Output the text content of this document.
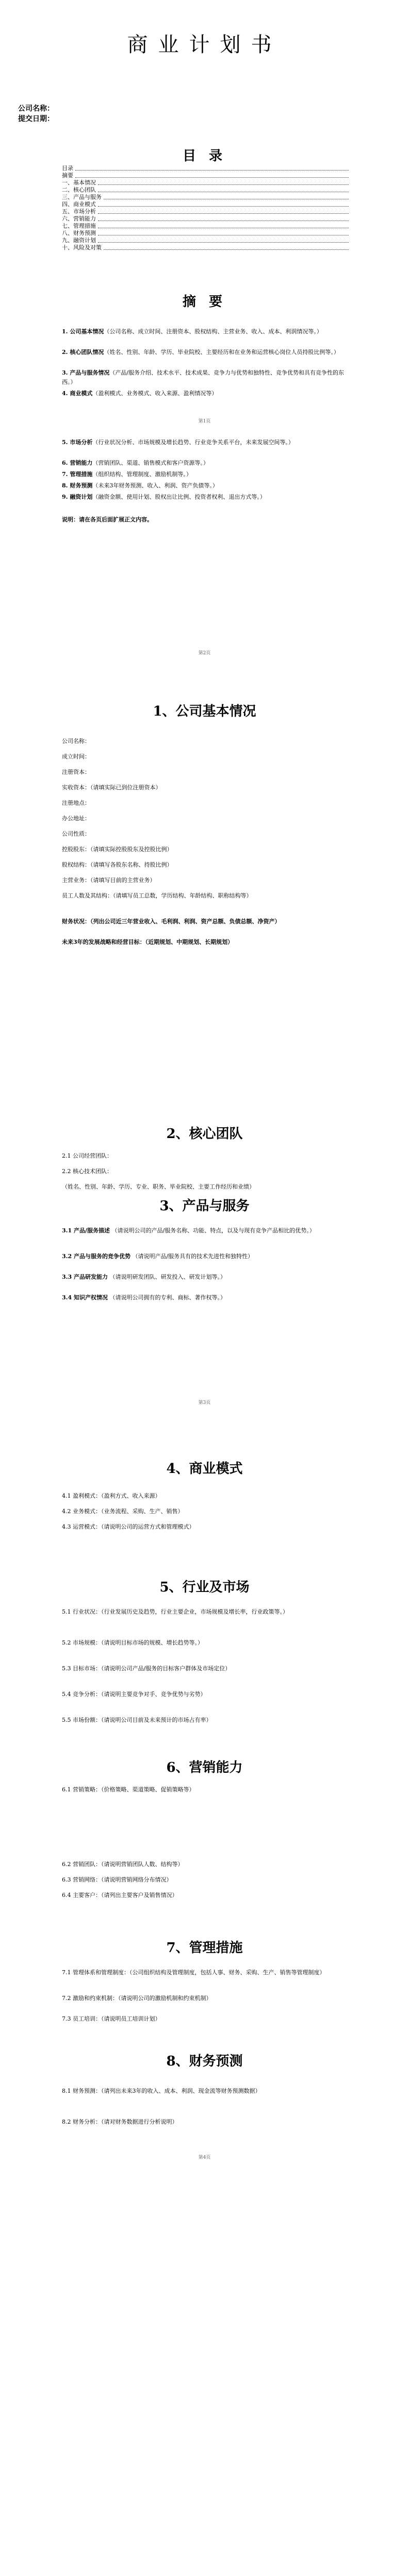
商业计划书
公司名称：
提交日期：
目 录
目录
摘要
一、基本情况
二、核心团队
三、产品与服务
四、商业模式
五、市场分析
六、营销能力
七、管理措施
八、财务预测
九、融资计划
十、风险及对策
摘 要
1. 公司基本情况（公司名称、成立时间、注册资本、股权结构、主营业务、收入、成本、利润情况等。）
2. 核心团队情况（姓名、性别、年龄、学历、毕业院校、主要经历和在业务和运营核心岗位人员持股比例等。）
3. 产品与服务情况（产品/服务介绍、技术水平、技术成果、竞争力与优势和独特性、竞争优势和具有竞争性的东西。）
4. 商业模式（盈利模式、业务模式、收入来源、盈利情况等）
第1页
5. 市场分析（行业状况分析、市场规模及增长趋势、行业竞争关系平台，未来发展空间等。）
6. 营销能力（营销团队、渠道、销售模式和客户资源等。）
7. 管理措施（组织结构、管理制度、激励机制等。）
8. 财务预测（未来3年财务预测、收入、利润、资产负债等。）
9. 融资计划（融资金额、使用计划、股权出让比例、投资者权利、退出方式等。）
说明：请在各页后面扩展正文内容。
第2页
1、公司基本情况
公司名称：
成立时间：
注册资本：
实收资本：（请填实际已到位注册资本）
注册地点：
办公地址：
公司性质：
控股股东：（请填实际控股股东及控股比例）
股权结构：（请填写各股东名称、持股比例）
主营业务：（请填写目前的主营业务）
员工人数及其结构：（请填写员工总数，学历结构、年龄结构、职称结构等）
财务状况：（列出公司近三年营业收入、毛利润、利润、资产总额、负债总额、净资产）
未来3年的发展战略和经营目标：（近期规划、中期规划、长期规划）
2、核心团队
2.1 公司经营团队：
2.2 核心技术团队：
（姓名、性别、年龄、学历、专业、职务、毕业院校、主要工作经历和业绩）
3、产品与服务
3.1 产品/服务描述 （请说明公司的产品/服务名称、功能、特点，以及与现有竞争产品相比的优势。）
3.2 产品与服务的竞争优势 （请说明产品/服务具有的技术先进性和独特性）
3.3 产品研发能力 （请说明研发团队、研发投入、研发计划等。）
3.4 知识产权情况 （请说明公司拥有的专利、商标、著作权等。）
第3页
4、商业模式
4.1 盈利模式：（盈利方式、收入来源）
4.2 业务模式：（业务流程、采购、生产、销售）
4.3 运营模式：（请说明公司的运营方式和管理模式）
5、行业及市场
5.1 行业状况：（行业发展历史及趋势，行业主要企业，市场规模及增长率，行业政策等。）
5.2 市场规模：（请说明目标市场的规模、增长趋势等。）
5.3 目标市场：（请说明公司产品/服务的目标客户群体及市场定位）
5.4 竞争分析：（请说明主要竞争对手、竞争优势与劣势）
5.5 市场份额：（请说明公司目前及未来预计的市场占有率）
6、营销能力
6.1 营销策略：（价格策略、渠道策略、促销策略等）
6.2 营销团队：（请说明营销团队人数、结构等）
6.3 营销网络：（请说明营销网络分布情况）
6.4 主要客户：（请列出主要客户及销售情况）
7、管理措施
7.1 管理体系和管理制度：（公司组织结构及管理制度，包括人事、财务、采购、生产、销售等管理制度）
7.2 激励和约束机制：（请说明公司的激励机制和约束机制）
7.3 员工培训：（请说明员工培训计划）
8、财务预测
8.1 财务预测：（请列出未来3年的收入、成本、利润、现金流等财务预测数据）
8.2 财务分析：（请对财务数据进行分析说明）
第4页
